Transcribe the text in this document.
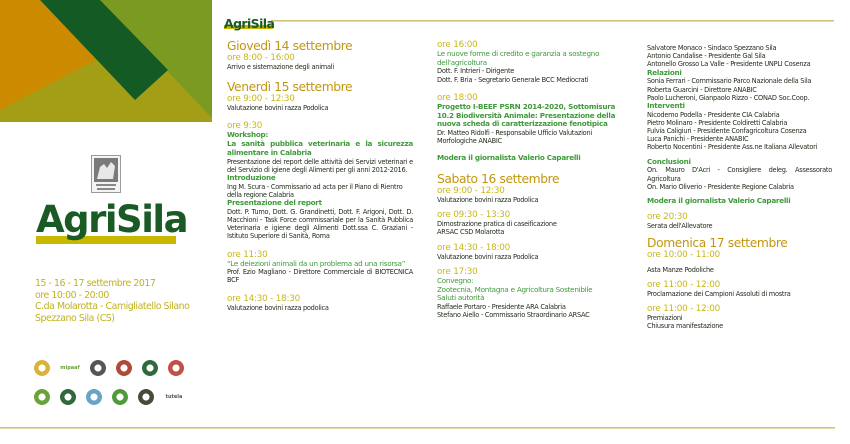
AgriSila
15 - 16 - 17 settembre 2017
ore 10:00 - 20:00
C.da Molarotta - Camigliatello Silano
Spezzano Sila (CS)
mipaaf
tutela
AgriSila
Giovedì 14 settembre
ore 8:00 - 16:00
Arrivo e sistemazione degli animali
Venerdì 15 settembre
ore 9:00 - 12:30
Valutazione bovini razza Podolica
ore 9:30
Workshop:
La sanità pubblica veterinaria e la sicurezza alimentare in Calabria
Presentazione dei report delle attività dei Servizi veterinari e del Servizio di igiene degli Alimenti per gli anni 2012-2016.
Introduzione
Ing M. Scura - Commissario ad acta per il Piano di Rientro della regione Calabria
Presentazione del report
Dott. P. Tumo, Dott. G. Grandinetti, Dott. F. Arigoni, Dott. D. Macchioni - Task Force commissariale per la Sanità Pubblica Veterinaria e igiene degli Alimenti Dott.ssa C. Graziani - Istituto Superiore di Sanità, Roma
ore 11:30
“Le deiezioni animali da un problema ad una risorsa”
Prof. Ezio Magliano - Direttore Commerciale di BIOTECNICA BCF
ore 14:30 - 18:30
Valutazione bovini razza podolica
ore 16:00
Le nuove forme di credito e garanzia a sostegno dell'agricoltura
Dott. F. Intrieri - Dirigente
Dott. F. Bria - Segretario Generale BCC Mediocrati
ore 18:00
Progetto I-BEEF PSRN 2014-2020, Sottomisura 10.2 Biodiversità Animale: Presentazione della nuova scheda di caratterizzazione fenotipica
Dr. Matteo Ridolfi - Responsabile Ufficio Valutazioni Morfologiche ANABIC
Modera il giornalista Valerio Caparelli
Sabato 16 settembre
ore 9:00 - 12:30
Valutazione bovini razza Podolica
ore 09:30 - 13:30
Dimostrazione pratica di caseificazione
ARSAC CSD Molarotta
ore 14:30 - 18:00
Valutazione bovini razza Podolica
ore 17:30
Convegno:
Zootecnia, Montagna e Agricoltura Sostenibile
Saluti autorità
Raffaele Portaro - Presidente ARA Calabria
Stefano Aiello - Commissario Straordinario ARSAC
Salvatore Monaco - Sindaco Spezzano Sila
Antonio Candalise - Presidente Gal Sila
Antonello Grosso La Valle - Presidente UNPLI Cosenza
Relazioni
Sonia Ferrari - Commissario Parco Nazionale della Sila
Roberta Guarcini - Direttore ANABIC
Paolo Lucheroni, Gianpaolo Rizzo - CONAD Soc.Coop.
Interventi
Nicodemo Podella - Presidente CIA Calabria
Pietro Molinaro - Presidente Coldiretti Calabria
Fulvia Caligiuri - Presidente Confagricoltura Cosenza
Luca Panichi - Presidente ANABIC
Roberto Nocentini - Presidente Ass.ne Italiana Allevatori
Conclusioni
On. Mauro D'Acri - Consigliere deleg. Assessorato Agricoltura
On. Mario Oliverio - Presidente Regione Calabria
Modera il giornalista Valerio Caparelli
ore 20:30
Serata dell'Allevatore
Domenica 17 settembre
ore 10:00 - 11:00
Asta Manze Podoliche
ore 11:00 - 12:00
Proclamazione dei Campioni Assoluti di mostra
ore 11:00 - 12:00
Premiazioni
Chiusura manifestazione
